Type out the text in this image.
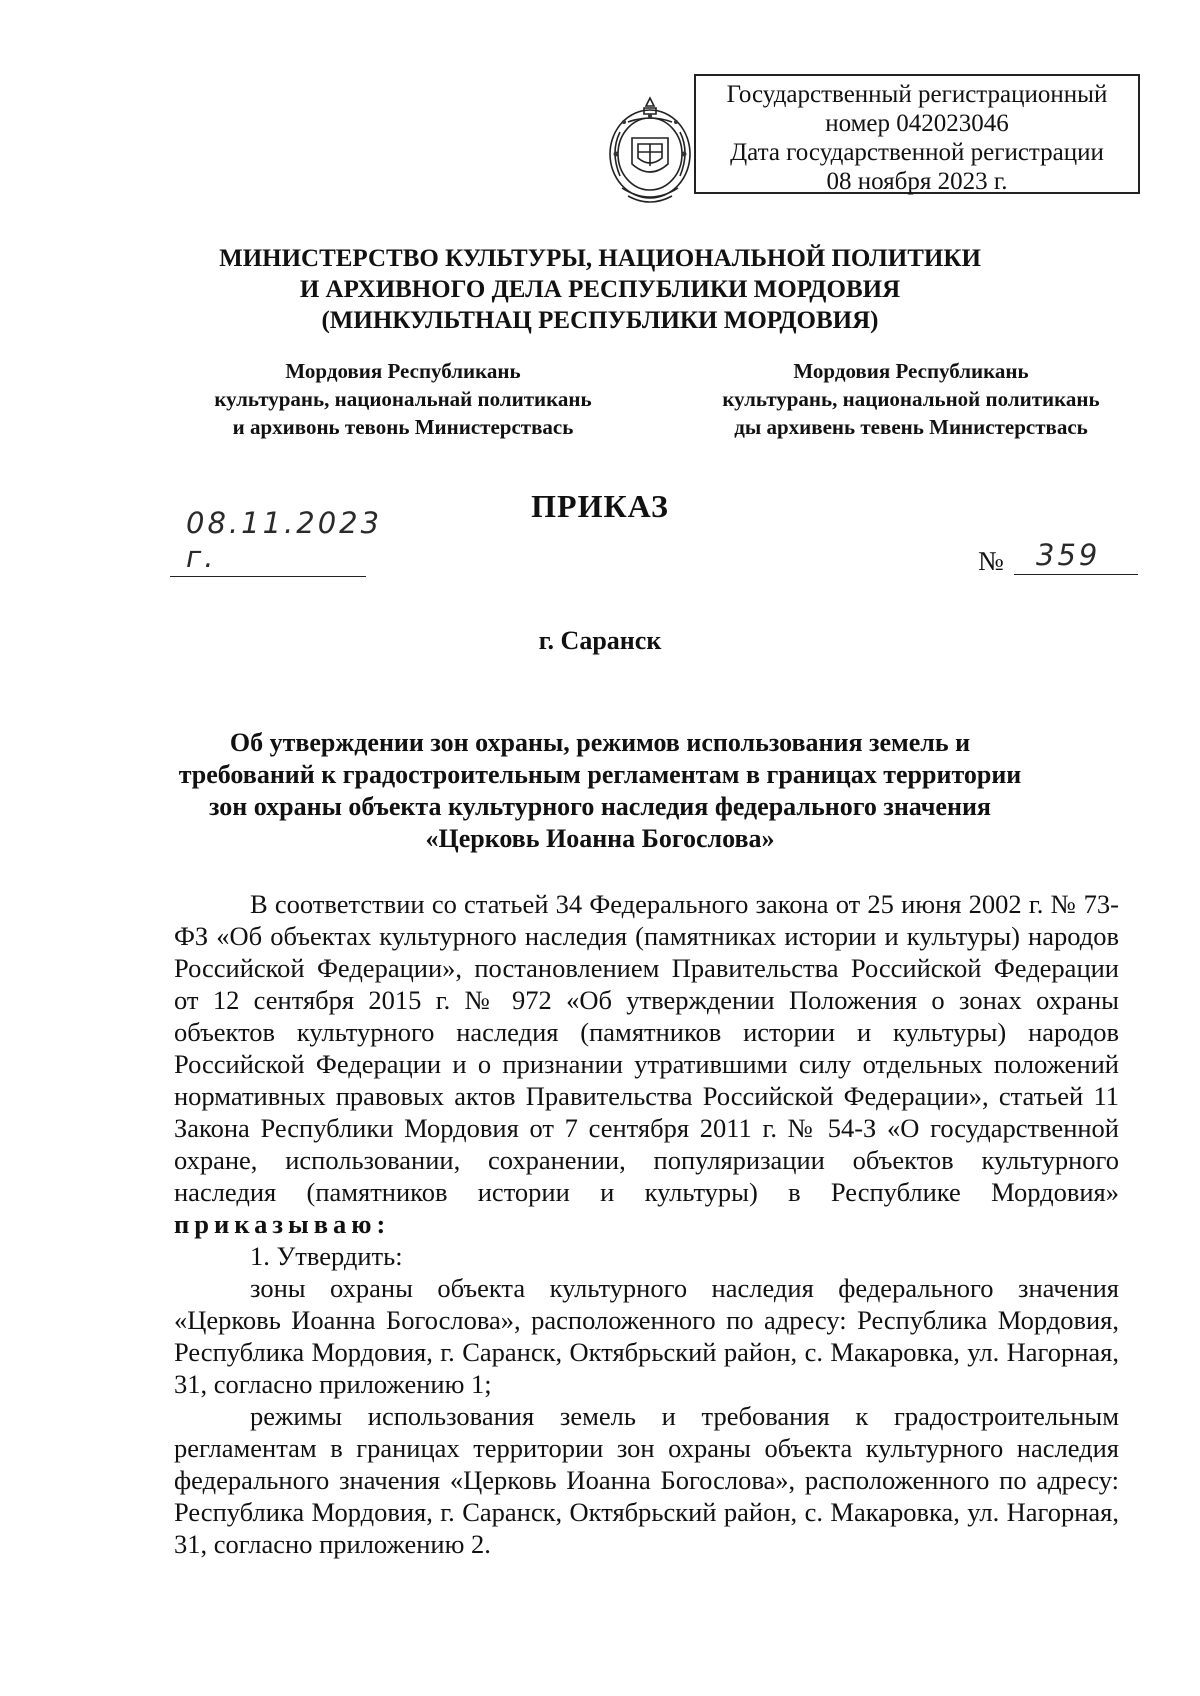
Государственный регистрационный
номер 042023046
Дата государственной регистрации
08 ноября 2023 г.
МИНИСТЕРСТВО КУЛЬТУРЫ, НАЦИОНАЛЬНОЙ ПОЛИТИКИ
И АРХИВНОГО ДЕЛА РЕСПУБЛИКИ МОРДОВИЯ
(МИНКУЛЬТНАЦ РЕСПУБЛИКИ МОРДОВИЯ)
Мордовия Республикань
культурань, национальнай политикань
и архивонь тевонь Министерствась
Мордовия Республикань
культурань, национальной политикань
ды архивень тевень Министерствась
ПРИКАЗ
08.11.2023 г.	№ 359
г. Саранск
Об утверждении зон охраны, режимов использования земель и
требований к градостроительным регламентам в границах территории
зон охраны объекта культурного наследия федерального значения
«Церковь Иоанна Богослова»

В соответствии со статьей 34 Федерального закона от 25 июня 2002 г. № 73-ФЗ «Об объектах культурного наследия (памятниках истории и культуры) народов Российской Федерации», постановлением Правительства Российской Федерации от 12 сентября 2015 г. № 972 «Об утверждении Положения о зонах охраны объектов культурного наследия (памятников истории и культуры) народов Российской Федерации и о признании утратившими силу отдельных положений нормативных правовых актов Правительства Российской Федерации», статьей 11 Закона Республики Мордовия от 7 сентября 2011 г. № 54-З «О государственной охране, использовании, сохранении, популяризации объектов культурного наследия (памятников истории и культуры) в Республике Мордовия» приказываю:

1. Утвердить:

зоны охраны объекта культурного наследия федерального значения «Церковь Иоанна Богослова», расположенного по адресу: Республика Мордовия, Республика Мордовия, г. Саранск, Октябрьский район, с. Макаровка, ул. Нагорная, 31, согласно приложению 1;

режимы использования земель и требования к градостроительным регламентам в границах территории зон охраны объекта культурного наследия федерального значения «Церковь Иоанна Богослова», расположенного по адресу: Республика Мордовия, г. Саранск, Октябрьский район, с. Макаровка, ул. Нагорная, 31, согласно приложению 2.
